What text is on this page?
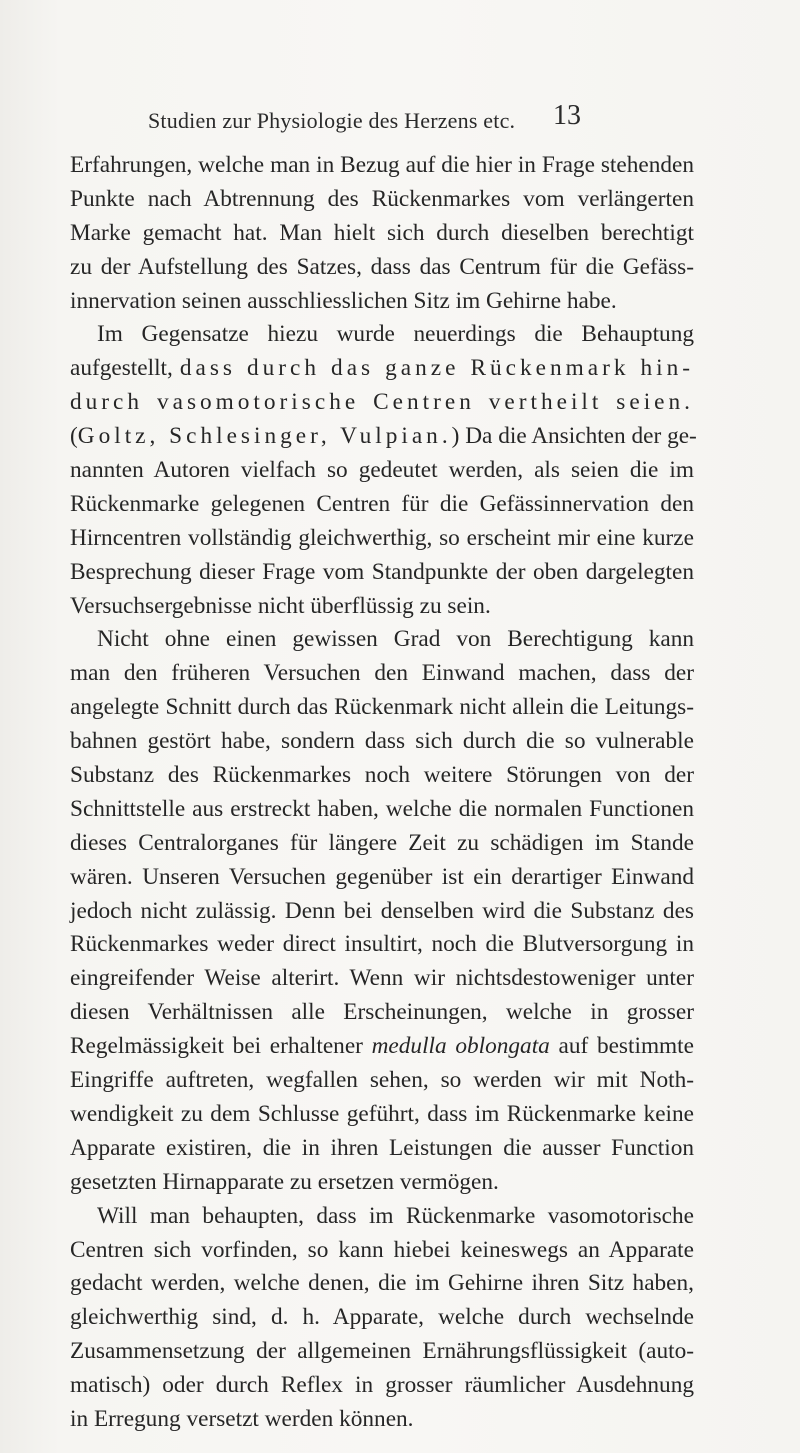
Studien zur Physiologie des Herzens etc.	13
Erfahrungen, welche man in Bezug auf die hier in Frage stehenden
Punkte nach Abtrennung des Rückenmarkes vom verlängerten
Marke gemacht hat. Man hielt sich durch dieselben berechtigt
zu der Aufstellung des Satzes, dass das Centrum für die Gefäss-
innervation seinen ausschliesslichen Sitz im Gehirne habe.
Im Gegensatze hiezu wurde neuerdings die Behauptung
aufgestellt, dass durch das ganze Rückenmark hin-
durch vasomotorische Centren vertheilt seien.
(Goltz, Schlesinger, Vulpian.) Da die Ansichten der ge-
nannten Autoren vielfach so gedeutet werden, als seien die im
Rückenmarke gelegenen Centren für die Gefässinnervation den
Hirncentren vollständig gleichwerthig, so erscheint mir eine kurze
Besprechung dieser Frage vom Standpunkte der oben dargelegten
Versuchsergebnisse nicht überflüssig zu sein.
Nicht ohne einen gewissen Grad von Berechtigung kann
man den früheren Versuchen den Einwand machen, dass der
angelegte Schnitt durch das Rückenmark nicht allein die Leitungs-
bahnen gestört habe, sondern dass sich durch die so vulnerable
Substanz des Rückenmarkes noch weitere Störungen von der
Schnittstelle aus erstreckt haben, welche die normalen Functionen
dieses Centralorganes für längere Zeit zu schädigen im Stande
wären. Unseren Versuchen gegenüber ist ein derartiger Einwand
jedoch nicht zulässig. Denn bei denselben wird die Substanz des
Rückenmarkes weder direct insultirt, noch die Blutversorgung in
eingreifender Weise alterirt. Wenn wir nichtsdestoweniger unter
diesen Verhältnissen alle Erscheinungen, welche in grosser
Regelmässigkeit bei erhaltener medulla oblongata auf bestimmte
Eingriffe auftreten, wegfallen sehen, so werden wir mit Noth-
wendigkeit zu dem Schlusse geführt, dass im Rückenmarke keine
Apparate existiren, die in ihren Leistungen die ausser Function
gesetzten Hirnapparate zu ersetzen vermögen.
Will man behaupten, dass im Rückenmarke vasomotorische
Centren sich vorfinden, so kann hiebei keineswegs an Apparate
gedacht werden, welche denen, die im Gehirne ihren Sitz haben,
gleichwerthig sind, d. h. Apparate, welche durch wechselnde
Zusammensetzung der allgemeinen Ernährungsflüssigkeit (auto-
matisch) oder durch Reflex in grosser räumlicher Ausdehnung
in Erregung versetzt werden können.
